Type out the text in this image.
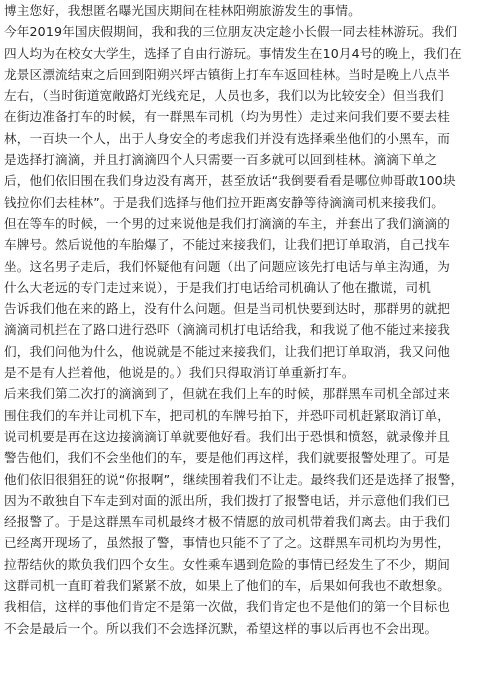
博主您好，我想匿名曝光国庆期间在桂林阳朔旅游发生的事情。
今年2019年国庆假期间，我和我的三位朋友决定趁小长假一同去桂林游玩。我们
四人均为在校女大学生，选择了自由行游玩。事情发生在10月4号的晚上，我们在
龙景区漂流结束之后回到阳朔兴坪古镇街上打车车返回桂林。当时是晚上八点半
左右，（当时街道宽敞路灯光线充足，人员也多，我们以为比较安全）但当我们
在街边准备打车的时候，有一群黑车司机（均为男性）走过来问我们要不要去桂
林，一百块一个人，出于人身安全的考虑我们并没有选择乘坐他们的小黑车，而
是选择打滴滴，并且打滴滴四个人只需要一百多就可以回到桂林。滴滴下单之
后，他们依旧围在我们身边没有离开，甚至放话“我倒要看看是哪位帅哥敢100块
钱拉你们去桂林”。于是我们选择与他们拉开距离安静等待滴滴司机来接我们。
但在等车的时候，一个男的过来说他是我们打滴滴的车主，并套出了我们滴滴的
车牌号。然后说他的车胎爆了，不能过来接我们，让我们把订单取消，自己找车
坐。这名男子走后，我们怀疑他有问题（出了问题应该先打电话与单主沟通，为
什么大老远的专门走过来说），于是我们打电话给司机确认了他在撒谎，司机
告诉我们他在来的路上，没有什么问题。但是当司机快要到达时，那群男的就把
滴滴司机拦在了路口进行恐吓（滴滴司机打电话给我，和我说了他不能过来接我
们，我们问他为什么，他说就是不能过来接我们，让我们把订单取消，我又问他
是不是有人拦着他，他说是的。）我们只得取消订单重新打车。
后来我们第二次打的滴滴到了，但就在我们上车的时候，那群黑车司机全部过来
围住我们的车并让司机下车，把司机的车牌号拍下，并恐吓司机赶紧取消订单，
说司机要是再在这边接滴滴订单就要他好看。我们出于恐惧和愤怒，就录像并且
警告他们，我们不会坐他们的车，要是他们再这样，我们就要报警处理了。可是
他们依旧很猖狂的说“你报啊”，继续围着我们不让走。最终我们还是选择了报警，
因为不敢独自下车走到对面的派出所，我们拨打了报警电话，并示意他们我们已
经报警了。于是这群黑车司机最终才极不情愿的放司机带着我们离去。由于我们
已经离开现场了，虽然报了警，事情也只能不了了之。这群黑车司机均为男性，
拉帮结伙的欺负我们四个女生。女性乘车遇到危险的事情已经发生了不少，期间
这群司机一直盯着我们紧紧不放，如果上了他们的车，后果如何我也不敢想象。
我相信，这样的事他们肯定不是第一次做，我们肯定也不是他们的第一个目标也
不会是最后一个。所以我们不会选择沉默，希望这样的事以后再也不会出现。
